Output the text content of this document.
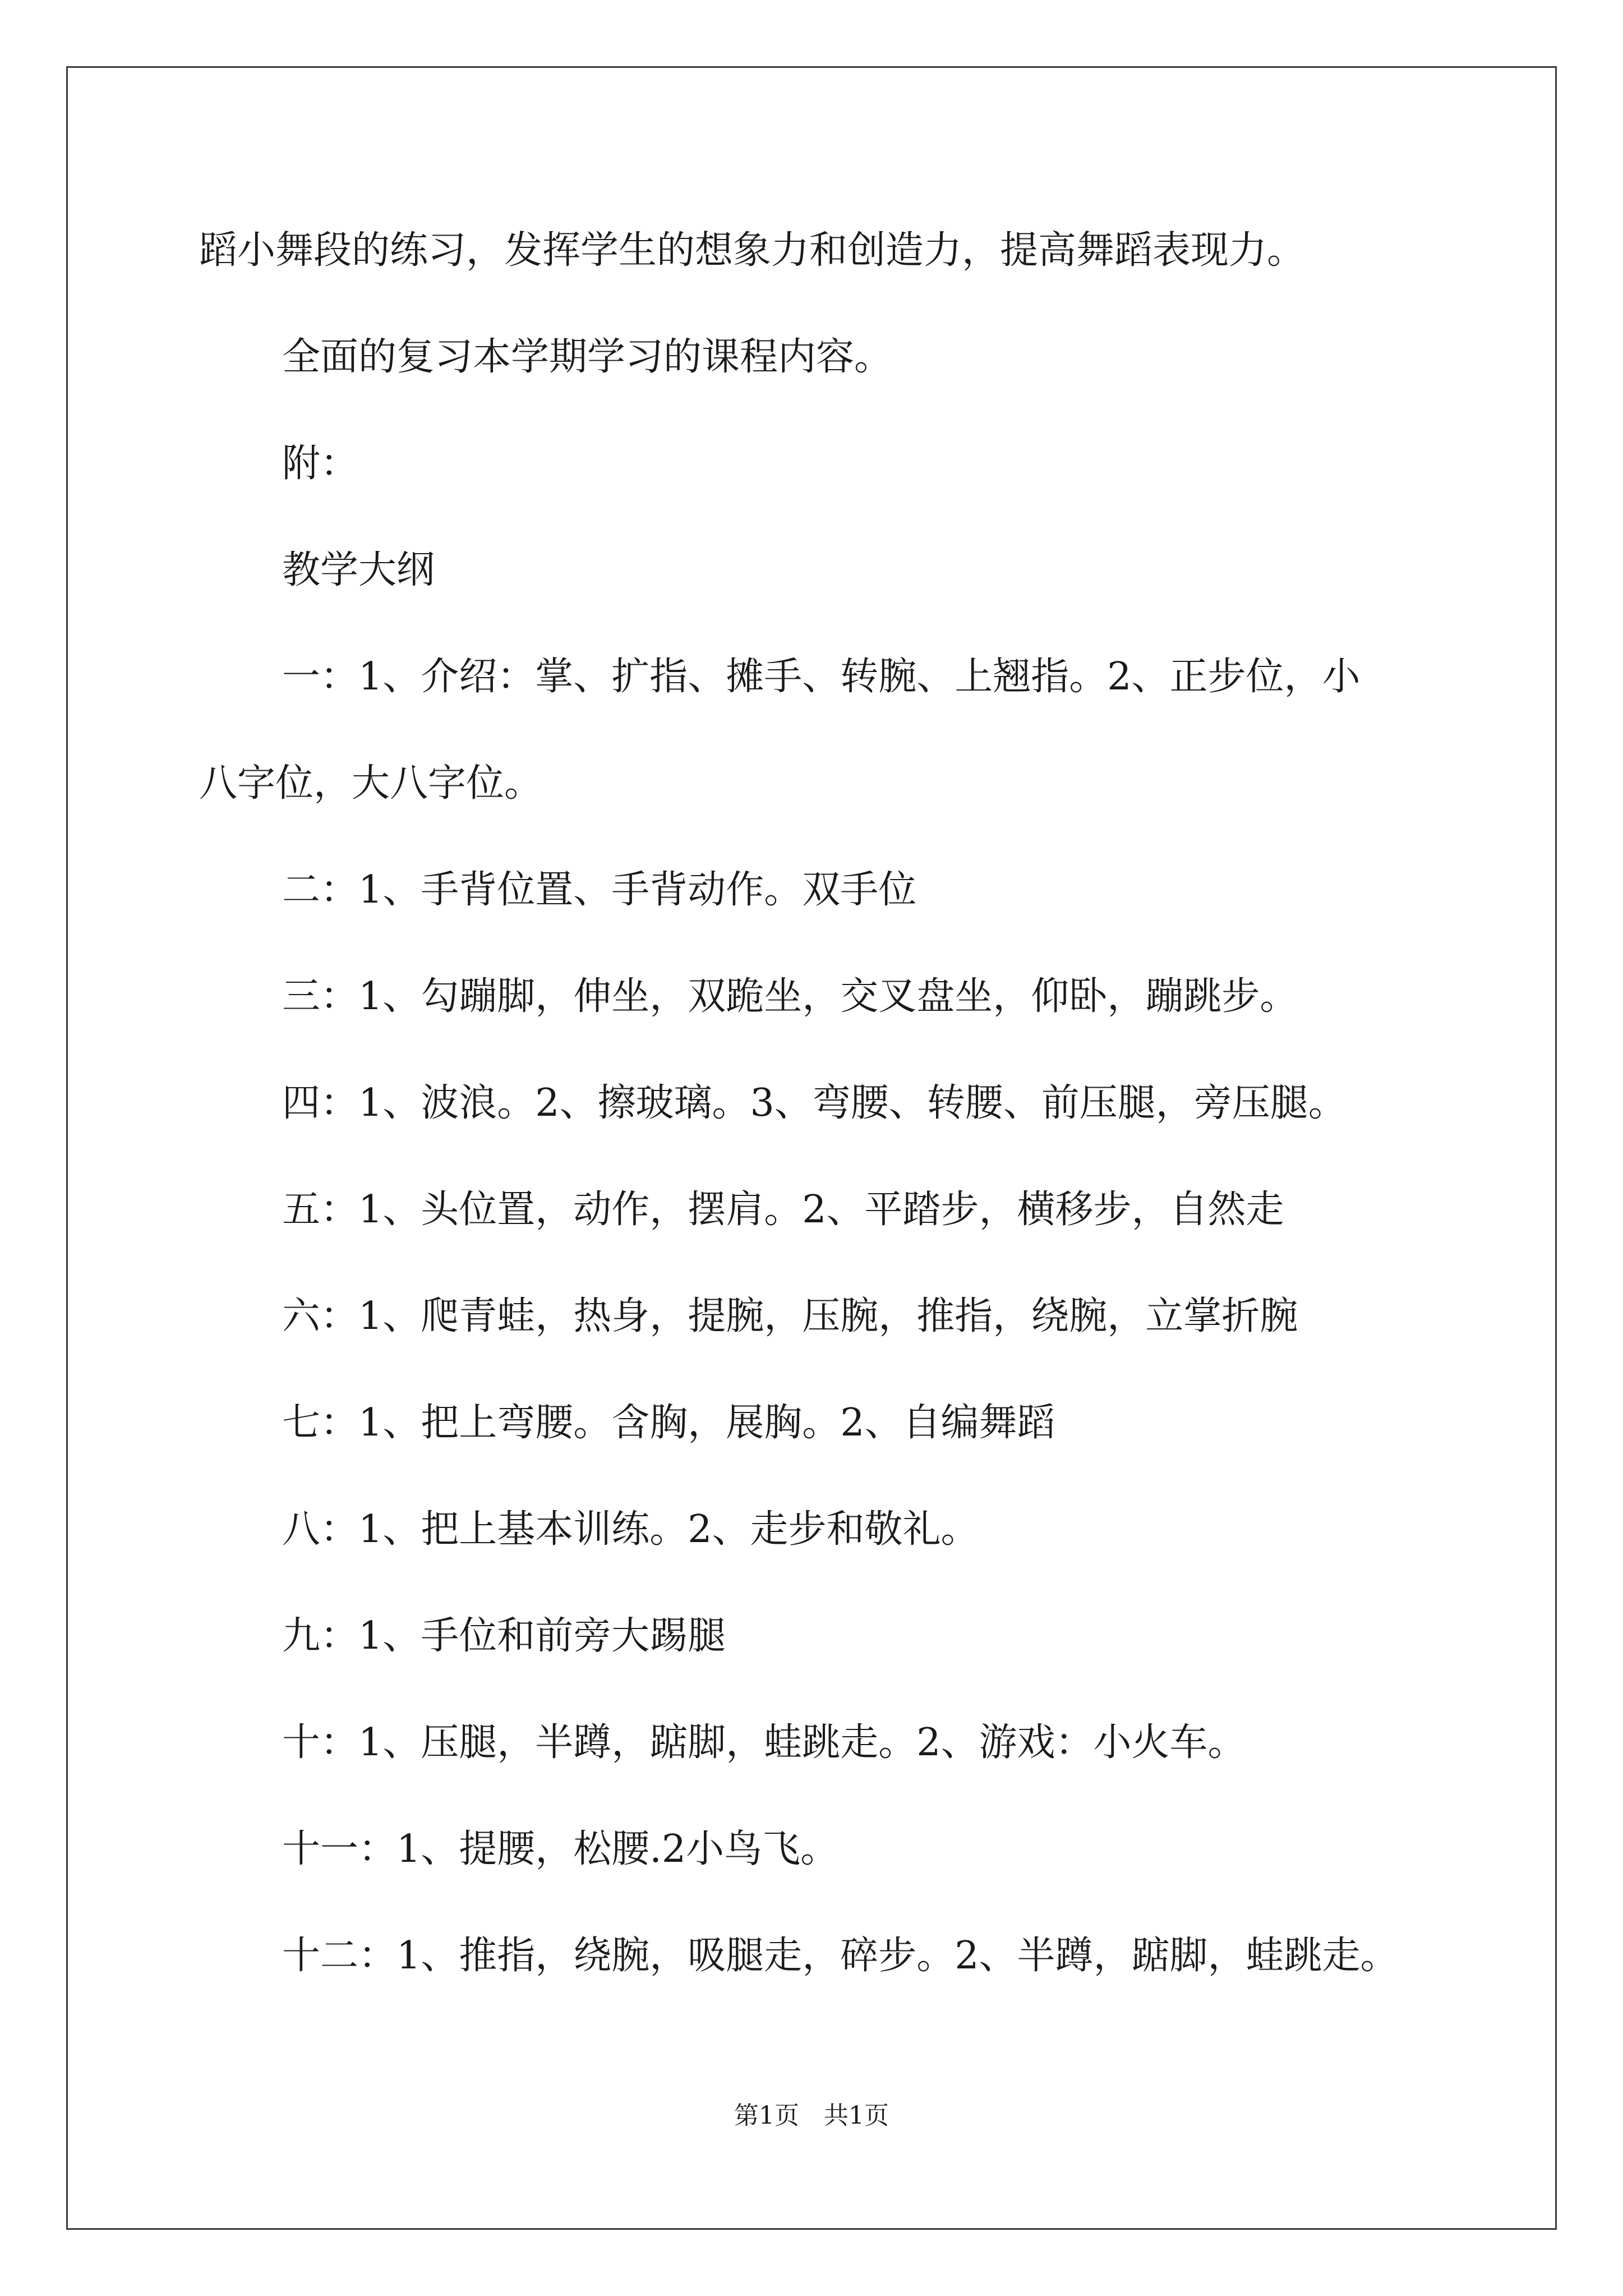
蹈小舞段的练习，发挥学生的想象力和创造力，提高舞蹈表现力。
全面的复习本学期学习的课程内容。
附：
教学大纲
一：1、介绍：掌、扩指、摊手、转腕、上翘指。2、正步位，小
八字位，大八字位。
二：1、手背位置、手背动作。双手位
三：1、勾蹦脚，伸坐，双跪坐，交叉盘坐，仰卧，蹦跳步。
四：1、波浪。2、擦玻璃。3、弯腰、转腰、前压腿，旁压腿。
五：1、头位置，动作，摆肩。2、平踏步，横移步，自然走
六：1、爬青蛙，热身，提腕，压腕，推指，绕腕，立掌折腕
七：1、把上弯腰。含胸，展胸。2、自编舞蹈
八：1、把上基本训练。2、走步和敬礼。
九：1、手位和前旁大踢腿
十：1、压腿，半蹲，踮脚，蛙跳走。2、游戏：小火车。
十一：1、提腰，松腰.2小鸟飞。
十二：1、推指，绕腕，吸腿走，碎步。2、半蹲，踮脚，蛙跳走。
第1页　共1页
